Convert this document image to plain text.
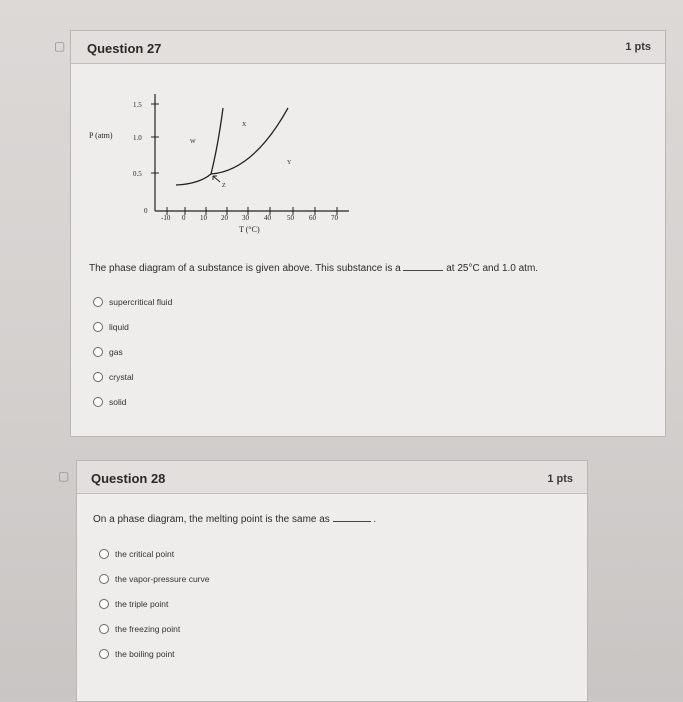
▢ Question 27	1 pts
P (atm)
1.5
1.0
0.5
0
-10 0 10 20 30 40 50 60 70
T (°C)
W
X
Y
Z
The phase diagram of a substance is given above. This substance is a	at 25°C and 1.0 atm.
supercritical fluid
liquid
gas
crystal
solid
▢ Question 28	1 pts
On a phase diagram, the melting point is the same as	.
the critical point
the vapor-pressure curve
the triple point
the freezing point
the boiling point
